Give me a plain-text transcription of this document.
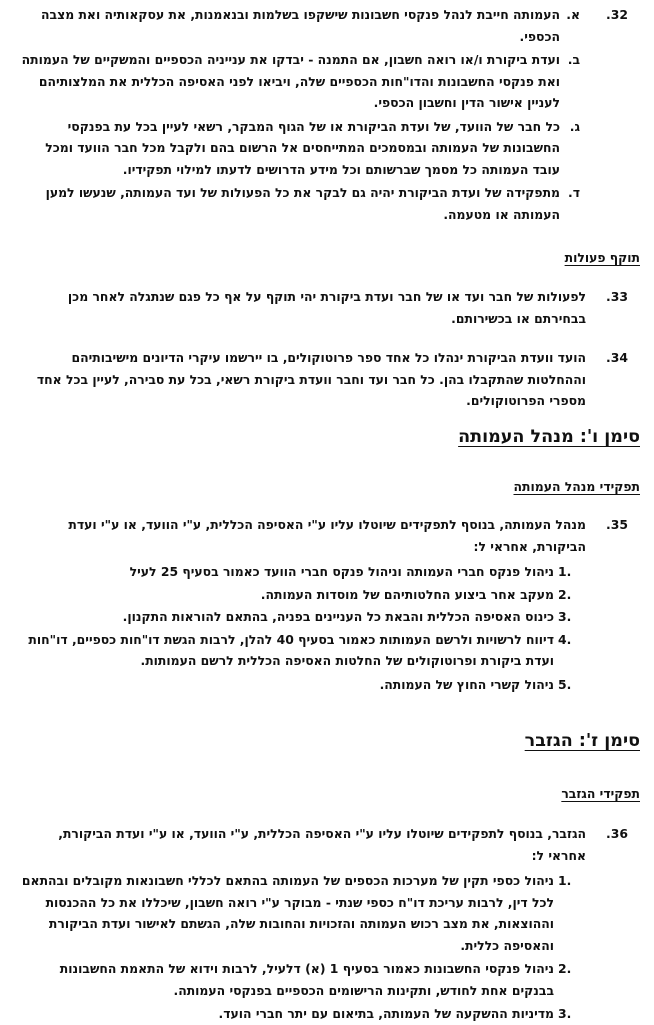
.32
א.
העמותה חייבת לנהל פנקסי חשבונות שישקפו בשלמות ובנאמנות, את עסקאותיה ואת מצבה הכספי.
ב.
ועדת ביקורת ו/או רואה חשבון, אם התמנה - יבדקו את ענייניה הכספיים והמשקיים של העמותה ואת פנקסי החשבונות והדו"חות הכספיים שלה, ויביאו לפני האסיפה הכללית את המלצותיהם לעניין אישור הדין וחשבון הכספי.
ג.
כל חבר של הוועד, של ועדת הביקורת או של הגוף המבקר, רשאי לעיין בכל עת בפנקסי החשבונות של העמותה ובמסמכים המתייחסים אל הרשום בהם ולקבל מכל חבר הוועד ומכל עובד העמותה כל מסמך שברשותם וכל מידע הדרושים לדעתו למילוי תפקידיו.
ד.
מתפקידה של ועדת הביקורת יהיה גם לבקר את כל הפעולות של ועד העמותה, שנעשו למען העמותה או מטעמה.
תוקף פעולות
.33
לפעולות של חבר ועד או של חבר ועדת ביקורת יהי תוקף על אף כל פגם שנתגלה לאחר מכן בבחירתם או בכשירותם.
.34
הועד וועדת הביקורת ינהלו כל אחד ספר פרוטוקולים, בו יירשמו עיקרי הדיונים מישיבותיהם וההחלטות שהתקבלו בהן. כל חבר ועד וחבר וועדת ביקורת רשאי, בכל עת סבירה, לעיין בכל אחד מספרי הפרוטוקולים.
סימן ו': מנהל העמותה
תפקידי מנהל העמותה
.35
מנהל העמותה, בנוסף לתפקידים שיוטלו עליו ע"י האסיפה הכללית, ע"י הוועד, או ע"י ועדת הביקורת, אחראי ל:
1.
ניהול פנקס חברי העמותה וניהול פנקס חברי הוועד כאמור בסעיף 25 לעיל
2.
מעקב אחר ביצוע החלטותיהם של מוסדות העמותה.
3.
כינוס האסיפה הכללית והבאת כל העניינים בפניה, בהתאם להוראות התקנון.
4.
דיווח לרשויות ולרשם העמותות כאמור בסעיף 40 להלן, לרבות הגשת דו"חות כספיים, דו"חות ועדת ביקורת ופרוטוקולים של החלטות האסיפה הכללית לרשם העמותות.
5.
ניהול קשרי החוץ של העמותה.
סימן ז': הגזבר
תפקידי הגזבר
.36
הגזבר, בנוסף לתפקידים שיוטלו עליו ע"י האסיפה הכללית, ע"י הוועד, או ע"י ועדת הביקורת, אחראי ל:
1.
ניהול כספי תקין של מערכות הכספים של העמותה בהתאם לכללי חשבונאות מקובלים ובהתאם לכל דין, לרבות עריכת דו"ח כספי שנתי - מבוקר ע"י רואה חשבון, שיכללו את כל ההכנסות וההוצאות, את מצב רכוש העמותה והזכויות והחובות שלה, הגשתם לאישור ועדת הביקורת והאסיפה כללית.
2.
ניהול פנקסי החשבונות כאמור בסעיף 1 (א) דלעיל, לרבות וידוא של התאמת החשבונות בבנקים אחת לחודש, ותקינות הרישומים הכספיים בפנקסי העמותה.
3.
מדיניות ההשקעה של העמותה, בתיאום עם יתר חברי הועד.
